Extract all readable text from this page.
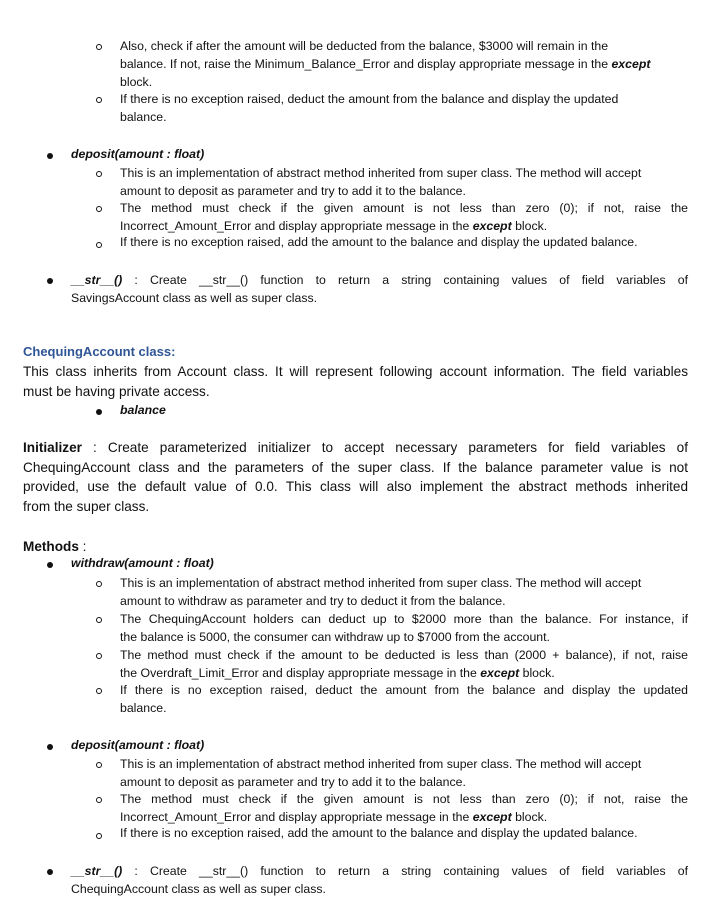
Also, check if after the amount will be deducted from the balance, $3000 will remain in the
balance. If not, raise the Minimum_Balance_Error and display appropriate message in the except
block.
If there is no exception raised, deduct the amount from the balance and display the updated
balance.
deposit(amount : float)
This is an implementation of abstract method inherited from super class. The method will accept
amount to deposit as parameter and try to add it to the balance.
The method must check if the given amount is not less than zero (0); if not, raise the
Incorrect_Amount_Error and display appropriate message in the except block.
If there is no exception raised, add the amount to the balance and display the updated balance.
__str__() : Create __str__() function to return a string containing values of field variables of
SavingsAccount class as well as super class.
ChequingAccount class:
This class inherits from Account class. It will represent following account information. The field variables
must be having private access.
balance
Initializer : Create parameterized initializer to accept necessary parameters for field variables of
ChequingAccount class and the parameters of the super class. If the balance parameter value is not
provided, use the default value of 0.0. This class will also implement the abstract methods inherited
from the super class.
Methods :
withdraw(amount : float)
This is an implementation of abstract method inherited from super class. The method will accept
amount to withdraw as parameter and try to deduct it from the balance.
The ChequingAccount holders can deduct up to $2000 more than the balance. For instance, if
the balance is 5000, the consumer can withdraw up to $7000 from the account.
The method must check if the amount to be deducted is less than (2000 + balance), if not, raise
the Overdraft_Limit_Error and display appropriate message in the except block.
If there is no exception raised, deduct the amount from the balance and display the updated
balance.
deposit(amount : float)
This is an implementation of abstract method inherited from super class. The method will accept
amount to deposit as parameter and try to add it to the balance.
The method must check if the given amount is not less than zero (0); if not, raise the
Incorrect_Amount_Error and display appropriate message in the except block.
If there is no exception raised, add the amount to the balance and display the updated balance.
__str__() : Create __str__() function to return a string containing values of field variables of
ChequingAccount class as well as super class.
